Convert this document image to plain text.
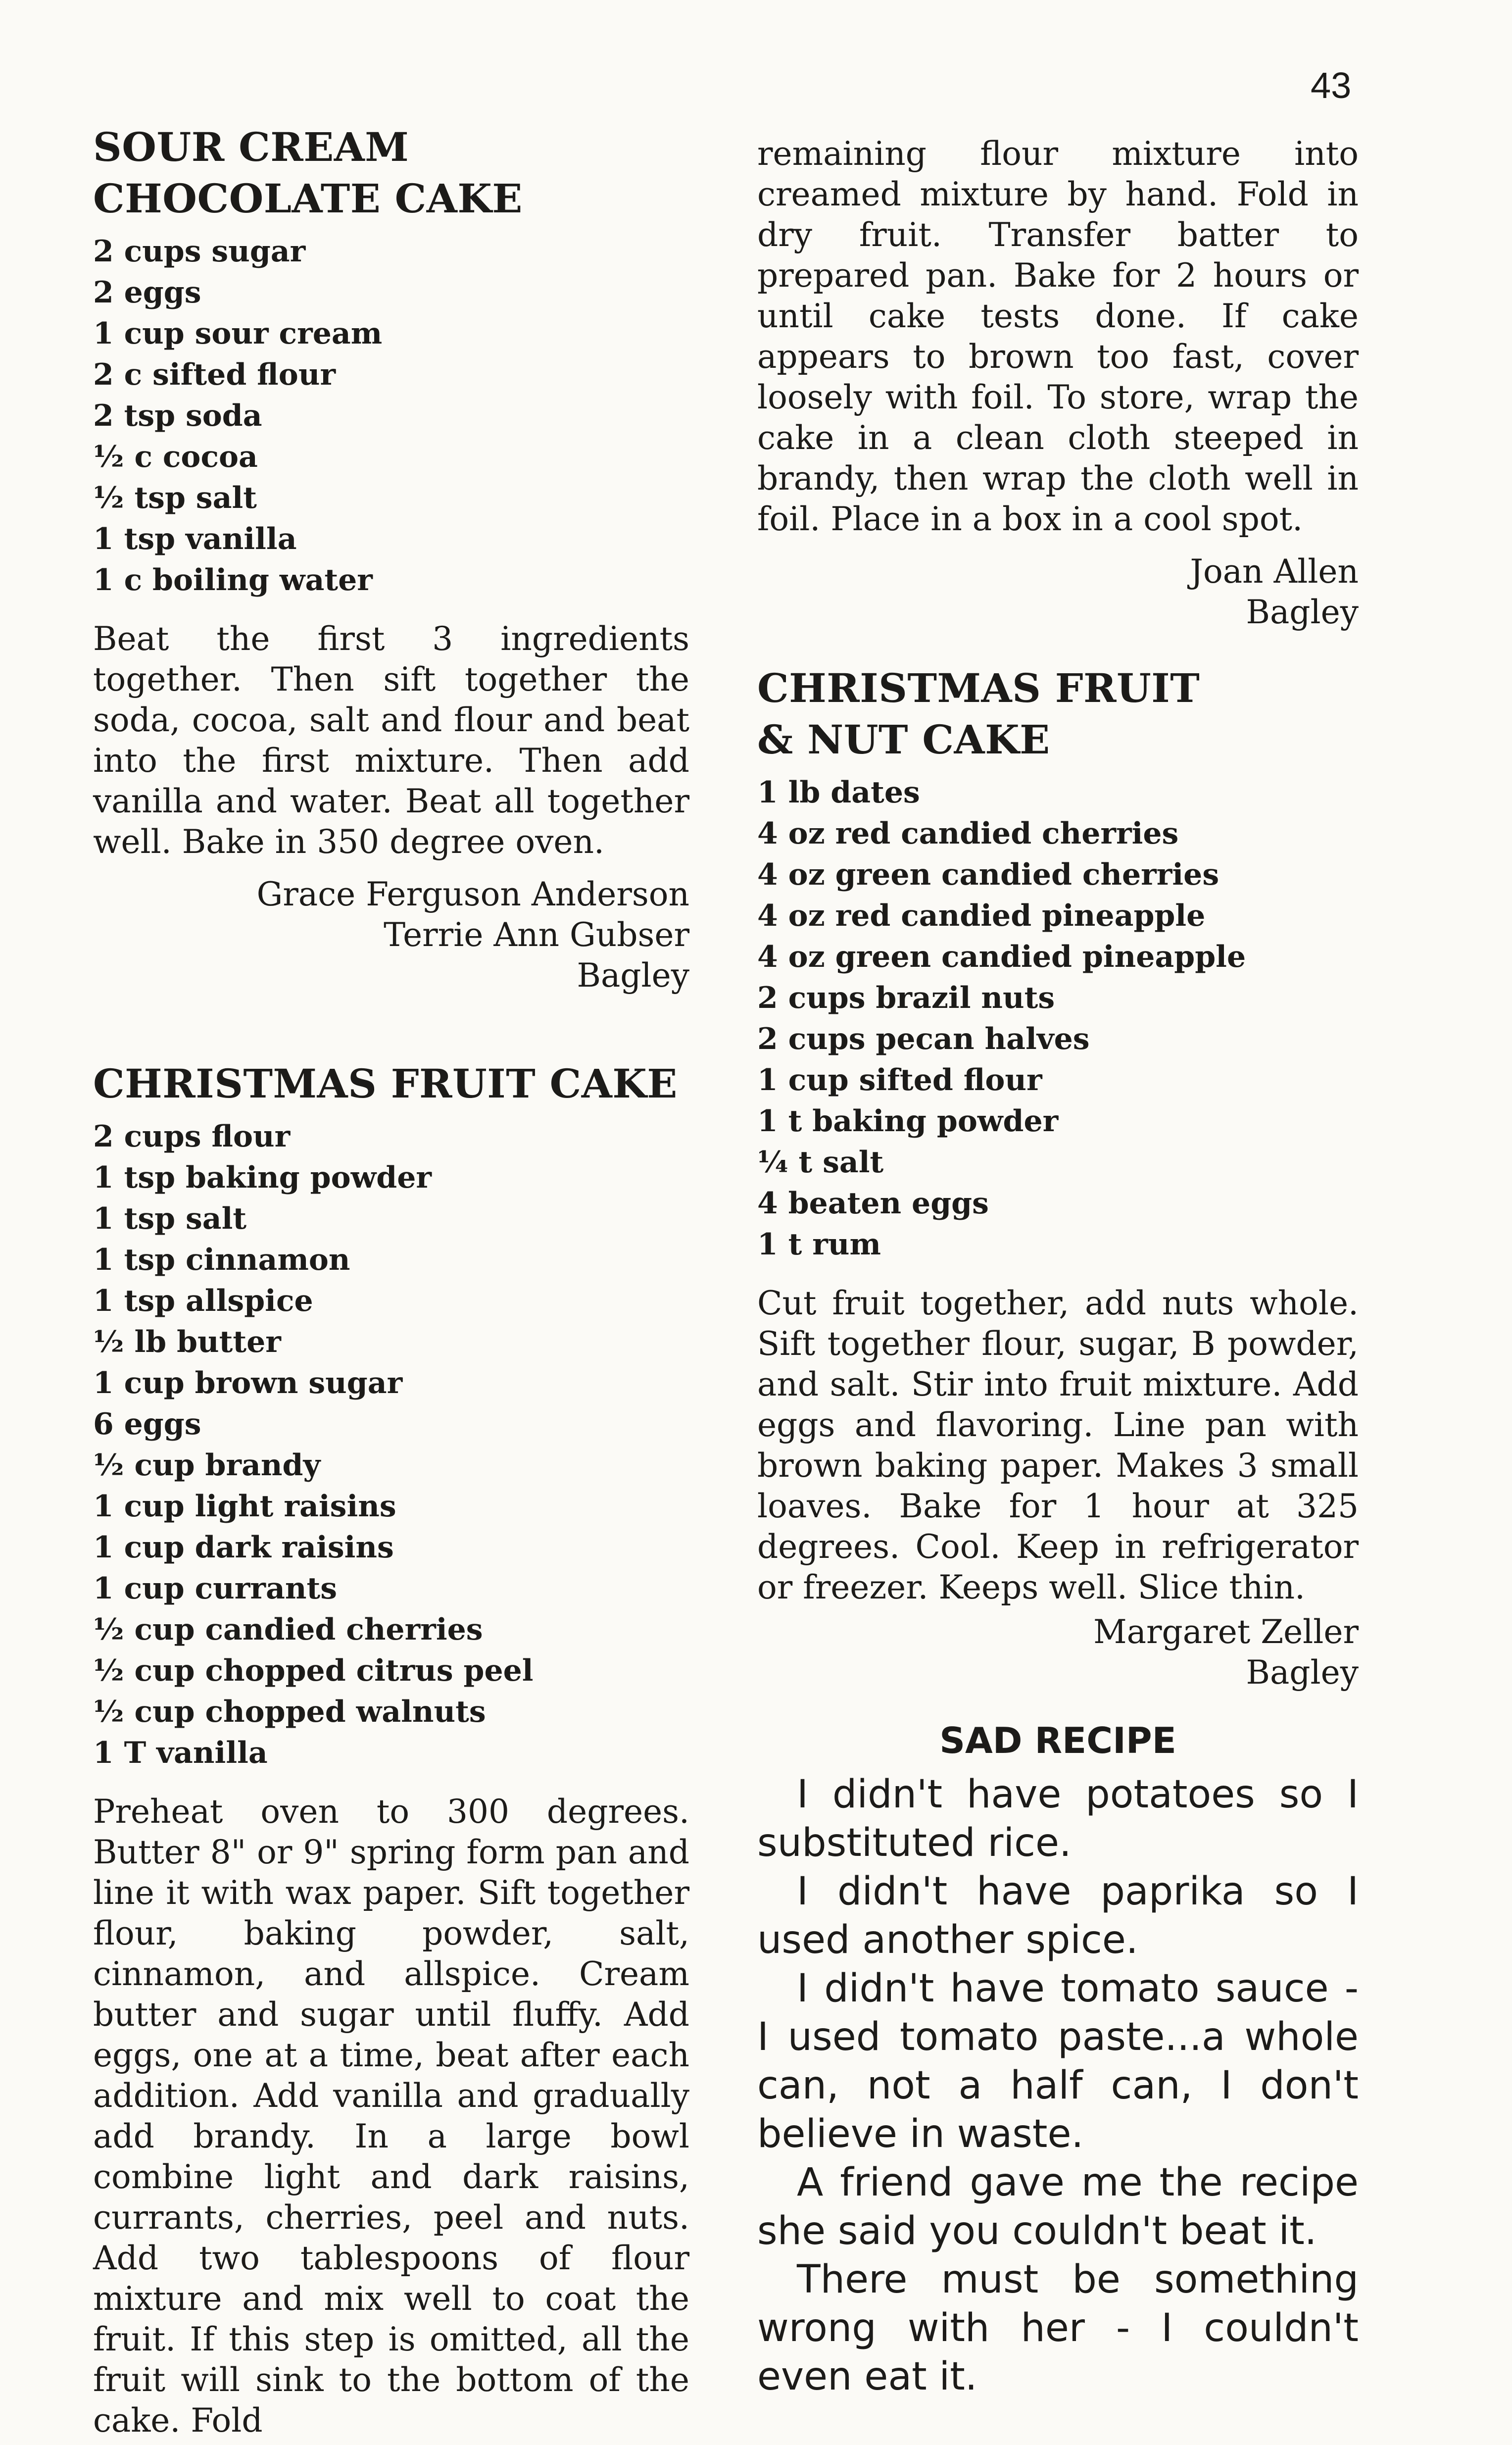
43
SOUR CREAM
CHOCOLATE CAKE
2 cups sugar
2 eggs
1 cup sour cream
2 c sifted flour
2 tsp soda
½ c cocoa
½ tsp salt
1 tsp vanilla
1 c boiling water

Beat the first 3 ingredients together. Then sift together the soda, cocoa, salt and flour and beat into the first mixture. Then add vanilla and water. Beat all together well. Bake in 350 degree oven.

Grace Ferguson Anderson
Terrie Ann Gubser
Bagley
CHRISTMAS FRUIT CAKE
2 cups flour
1 tsp baking powder
1 tsp salt
1 tsp cinnamon
1 tsp allspice
½ lb butter
1 cup brown sugar
6 eggs
½ cup brandy
1 cup light raisins
1 cup dark raisins
1 cup currants
½ cup candied cherries
½ cup chopped citrus peel
½ cup chopped walnuts
1 T vanilla

Preheat oven to 300 degrees. Butter 8" or 9" spring form pan and line it with wax paper. Sift together flour, baking powder, salt, cinnamon, and allspice. Cream butter and sugar until fluffy. Add eggs, one at a time, beat after each addition. Add vanilla and gradually add brandy. In a large bowl combine light and dark raisins, currants, cherries, peel and nuts. Add two tablespoons of flour mixture and mix well to coat the fruit. If this step is omitted, all the fruit will sink to the bottom of the cake. Fold

remaining flour mixture into creamed mixture by hand. Fold in dry fruit. Transfer batter to prepared pan. Bake for 2 hours or until cake tests done. If cake appears to brown too fast, cover loosely with foil. To store, wrap the cake in a clean cloth steeped in brandy, then wrap the cloth well in foil. Place in a box in a cool spot.

Joan Allen
Bagley
CHRISTMAS FRUIT
& NUT CAKE
1 lb dates
4 oz red candied cherries
4 oz green candied cherries
4 oz red candied pineapple
4 oz green candied pineapple
2 cups brazil nuts
2 cups pecan halves
1 cup sifted flour
1 t baking powder
¼ t salt
4 beaten eggs
1 t rum

Cut fruit together, add nuts whole. Sift together flour, sugar, B powder, and salt. Stir into fruit mixture. Add eggs and flavoring. Line pan with brown baking paper. Makes 3 small loaves. Bake for 1 hour at 325 degrees. Cool. Keep in refrigerator or freezer. Keeps well. Slice thin.

Margaret Zeller
Bagley
SAD RECIPE

I didn't have potatoes so I substituted rice.

I didn't have paprika so I used another spice.

I didn't have tomato sauce - I used tomato paste...a whole can, not a half can, I don't believe in waste.

A friend gave me the recipe she said you couldn't beat it.

There must be something wrong with her - I couldn't even eat it.
